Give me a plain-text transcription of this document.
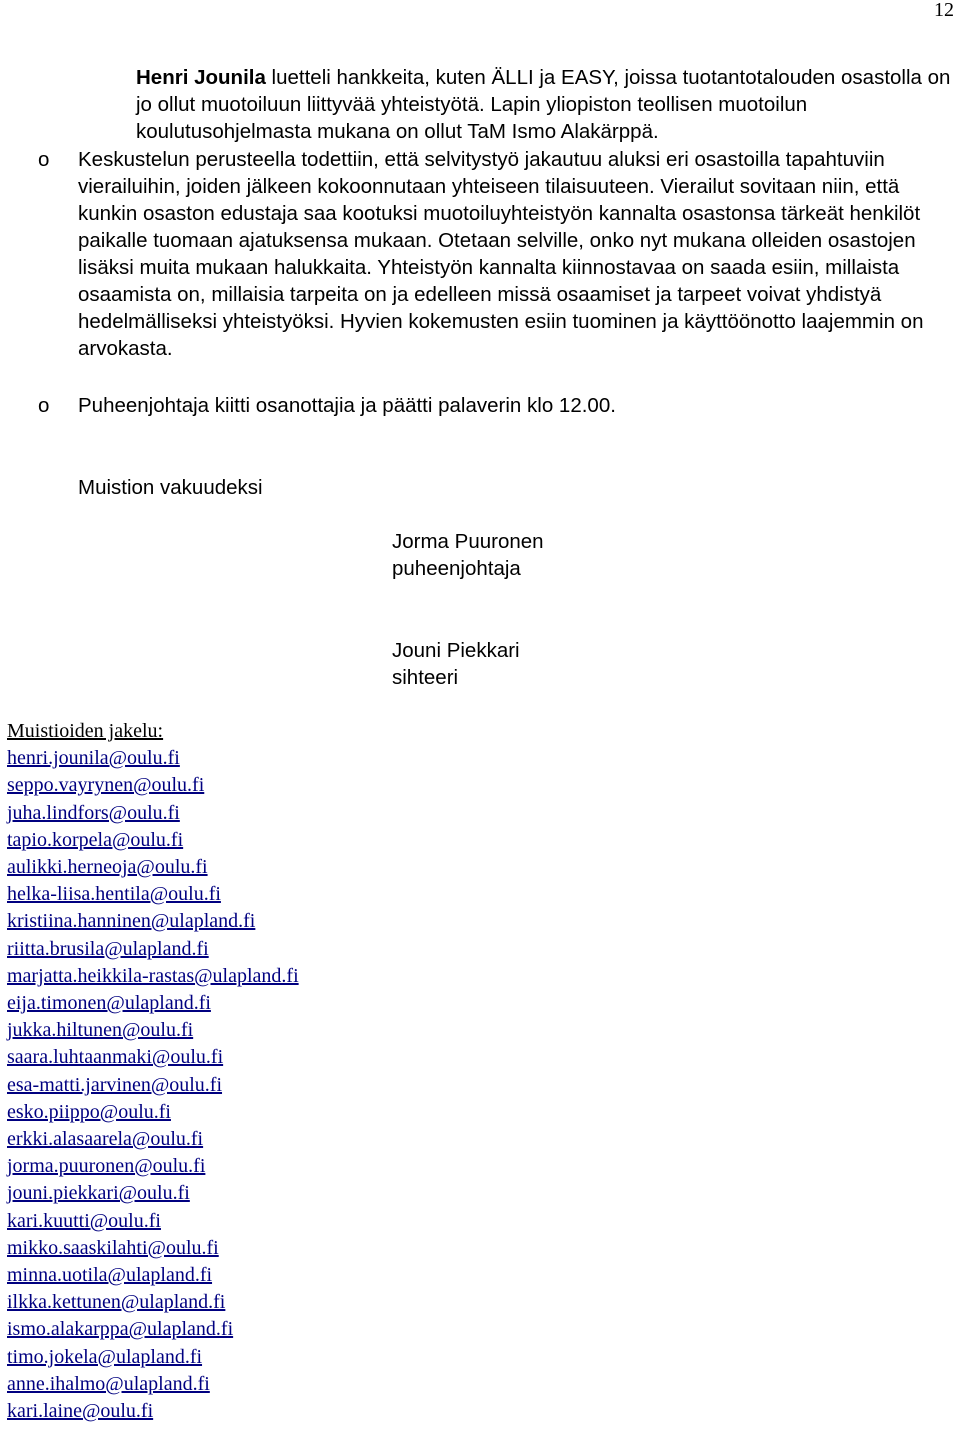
12

Henri Jounila luetteli hankkeita, kuten ÄLLI ja EASY, joissa tuotantotalouden osastolla on jo ollut muotoiluun liittyvää yhteistyötä. Lapin yliopiston teollisen muotoilun koulutusohjelmasta mukana on ollut TaM Ismo Alakärppä.

o Keskustelun perusteella todettiin, että selvitystyö jakautuu aluksi eri osastoilla tapahtuviin vierailuihin, joiden jälkeen kokoonnutaan yhteiseen tilaisuuteen. Vierailut sovitaan niin, että kunkin osaston edustaja saa kootuksi muotoiluyhteistyön kannalta osastonsa tärkeät henkilöt paikalle tuomaan ajatuksensa mukaan. Otetaan selville, onko nyt mukana olleiden osastojen lisäksi muita mukaan halukkaita. Yhteistyön kannalta kiinnostavaa on saada esiin, millaista osaamista on, millaisia tarpeita on ja edelleen missä osaamiset ja tarpeet voivat yhdistyä hedelmälliseksi yhteistyöksi. Hyvien kokemusten esiin tuominen ja käyttöönotto laajemmin on arvokasta.
o Puheenjohtaja kiitti osanottajia ja päätti palaverin klo 12.00.
Muistion vakuudeksi
Jorma Puuronen
puheenjohtaja
Jouni Piekkari
sihteeri
Muistioiden jakelu:
henri.jounila@oulu.fi
seppo.vayrynen@oulu.fi
juha.lindfors@oulu.fi
tapio.korpela@oulu.fi
aulikki.herneoja@oulu.fi
helka-liisa.hentila@oulu.fi
kristiina.hanninen@ulapland.fi
riitta.brusila@ulapland.fi
marjatta.heikkila-rastas@ulapland.fi
eija.timonen@ulapland.fi
jukka.hiltunen@oulu.fi
saara.luhtaanmaki@oulu.fi
esa-matti.jarvinen@oulu.fi
esko.piippo@oulu.fi
erkki.alasaarela@oulu.fi
jorma.puuronen@oulu.fi
jouni.piekkari@oulu.fi
kari.kuutti@oulu.fi
mikko.saaskilahti@oulu.fi
minna.uotila@ulapland.fi
ilkka.kettunen@ulapland.fi
ismo.alakarppa@ulapland.fi
timo.jokela@ulapland.fi
anne.ihalmo@ulapland.fi
kari.laine@oulu.fi
